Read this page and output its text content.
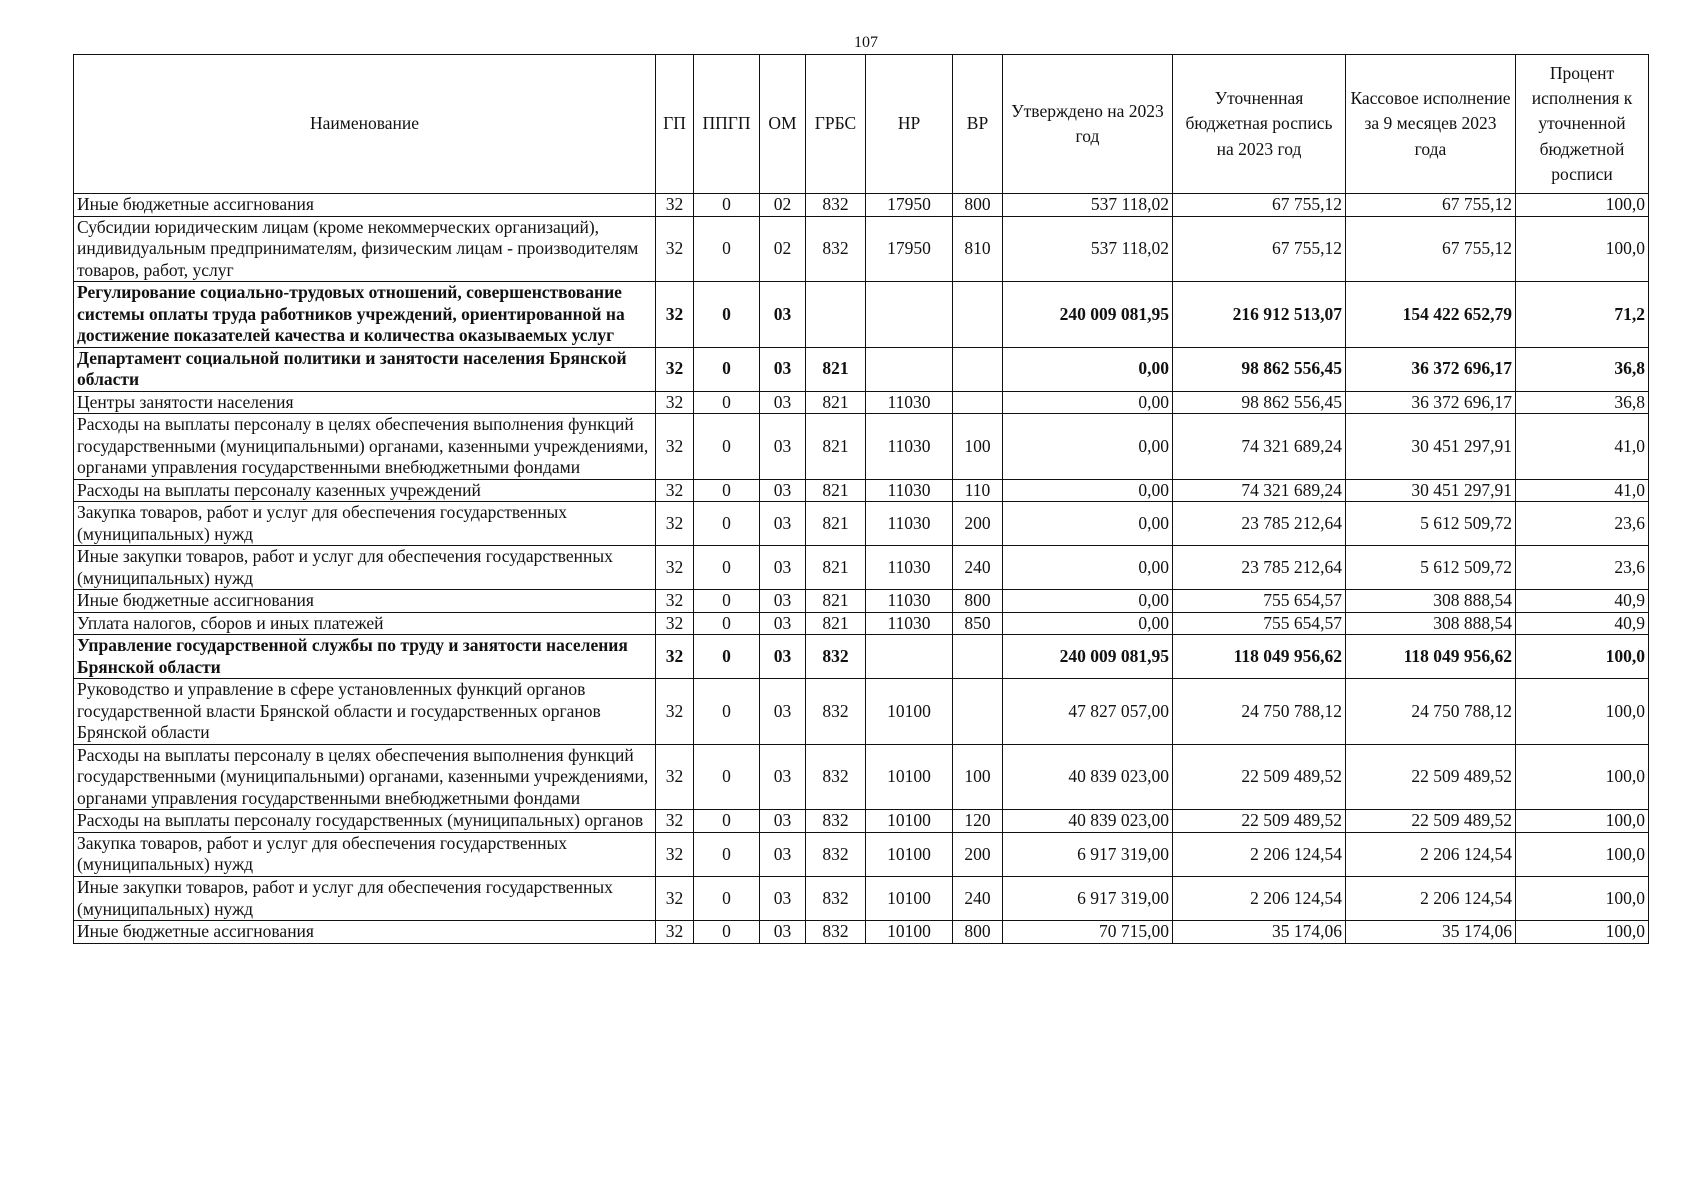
107
Наименование	ГП	ППГП	ОМ	ГРБС	НР	ВР	Утверждено на 2023 год	Уточненная бюджетная роспись на 2023 год	Кассовое исполнение за 9 месяцев 2023 года	Процент исполнения к уточненной бюджетной росписи
Иные бюджетные ассигнования	32	0	02	832	17950	800	537 118,02	67 755,12	67 755,12	100,0
Субсидии юридическим лицам (кроме некоммерческих организаций), индивидуальным предпринимателям, физическим лицам - производителям товаров, работ, услуг	32	0	02	832	17950	810	537 118,02	67 755,12	67 755,12	100,0
Регулирование социально-трудовых отношений, совершенствование системы оплаты труда работников учреждений, ориентированной на достижение показателей качества и количества оказываемых услуг	32	0	03				240 009 081,95	216 912 513,07	154 422 652,79	71,2
Департамент социальной политики и занятости населения Брянской области	32	0	03	821			0,00	98 862 556,45	36 372 696,17	36,8
Центры занятости населения	32	0	03	821	11030		0,00	98 862 556,45	36 372 696,17	36,8
Расходы на выплаты персоналу в целях обеспечения выполнения функций государственными (муниципальными) органами, казенными учреждениями, органами управления государственными внебюджетными фондами	32	0	03	821	11030	100	0,00	74 321 689,24	30 451 297,91	41,0
Расходы на выплаты персоналу казенных учреждений	32	0	03	821	11030	110	0,00	74 321 689,24	30 451 297,91	41,0
Закупка товаров, работ и услуг для обеспечения государственных (муниципальных) нужд	32	0	03	821	11030	200	0,00	23 785 212,64	5 612 509,72	23,6
Иные закупки товаров, работ и услуг для обеспечения государственных (муниципальных) нужд	32	0	03	821	11030	240	0,00	23 785 212,64	5 612 509,72	23,6
Иные бюджетные ассигнования	32	0	03	821	11030	800	0,00	755 654,57	308 888,54	40,9
Уплата налогов, сборов и иных платежей	32	0	03	821	11030	850	0,00	755 654,57	308 888,54	40,9
Управление государственной службы по труду и занятости населения Брянской области	32	0	03	832			240 009 081,95	118 049 956,62	118 049 956,62	100,0
Руководство и управление в сфере установленных функций органов государственной власти Брянской области и государственных органов Брянской области	32	0	03	832	10100		47 827 057,00	24 750 788,12	24 750 788,12	100,0
Расходы на выплаты персоналу в целях обеспечения выполнения функций государственными (муниципальными) органами, казенными учреждениями, органами управления государственными внебюджетными фондами	32	0	03	832	10100	100	40 839 023,00	22 509 489,52	22 509 489,52	100,0
Расходы на выплаты персоналу государственных (муниципальных) органов	32	0	03	832	10100	120	40 839 023,00	22 509 489,52	22 509 489,52	100,0
Закупка товаров, работ и услуг для обеспечения государственных (муниципальных) нужд	32	0	03	832	10100	200	6 917 319,00	2 206 124,54	2 206 124,54	100,0
Иные закупки товаров, работ и услуг для обеспечения государственных (муниципальных) нужд	32	0	03	832	10100	240	6 917 319,00	2 206 124,54	2 206 124,54	100,0
Иные бюджетные ассигнования	32	0	03	832	10100	800	70 715,00	35 174,06	35 174,06	100,0
